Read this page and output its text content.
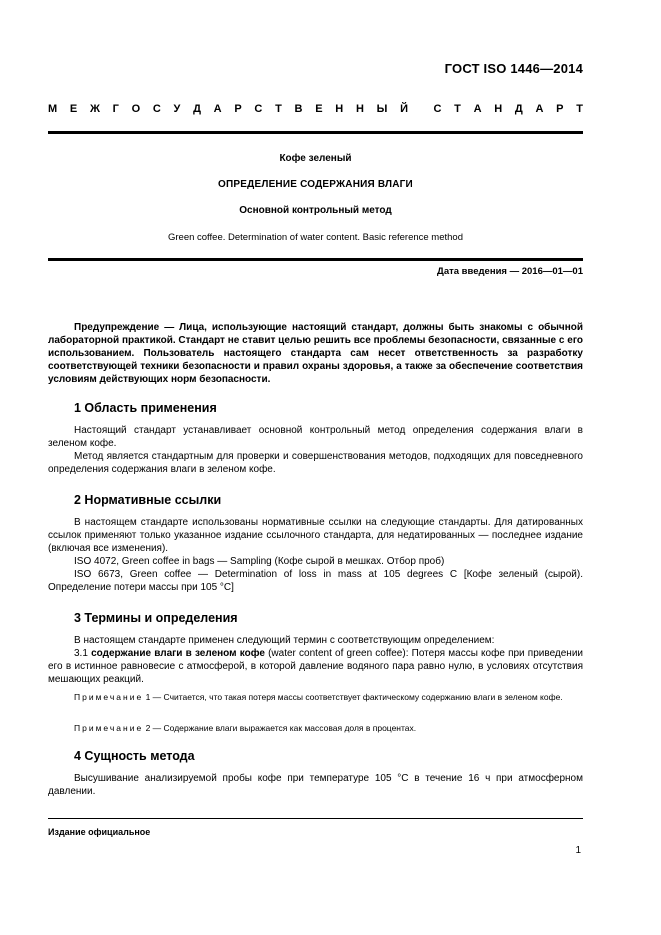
ГОСТ ISO 1446—2014
М Е Ж Г О С У Д А Р С Т В Е Н Н Ы Й С Т А Н Д А Р Т
Кофе зеленый
ОПРЕДЕЛЕНИЕ СОДЕРЖАНИЯ ВЛАГИ
Основной контрольный метод
Green coffee. Determination of water content. Basic reference method
Дата введения — 2016—01—01

Предупреждение — Лица, использующие настоящий стандарт, должны быть знакомы с обычной лабораторной практикой. Стандарт не ставит целью решить все проблемы безопасности, связанные с его использованием. Пользователь настоящего стандарта сам несет ответственность за разработку соответствующей техники безопасности и правил охраны здоровья, а также за обеспечение соответствия условиям действующих норм безопасности.

1 Область применения

Настоящий стандарт устанавливает основной контрольный метод определения содержания влаги в зеленом кофе.

Метод является стандартным для проверки и совершенствования методов, подходящих для повседневного определения содержания влаги в зеленом кофе.

2 Нормативные ссылки

В настоящем стандарте использованы нормативные ссылки на следующие стандарты. Для датированных ссылок применяют только указанное издание ссылочного стандарта, для недатированных — последнее издание (включая все изменения).

ISO 4072, Green coffee in bags — Sampling (Кофе сырой в мешках. Отбор проб)

ISO 6673, Green coffee — Determination of loss in mass at 105 degrees C [Кофе зеленый (сырой). Определение потери массы при 105 °C]

3 Термины и определения

В настоящем стандарте применен следующий термин с соответствующим определением:

3.1 содержание влаги в зеленом кофе (water content of green coffee): Потеря массы кофе при приведении его в истинное равновесие с атмосферой, в которой давление водяного пара равно нулю, в условиях отсутствия мешающих реакций.

Примечание 1 — Считается, что такая потеря массы соответствует фактическому содержанию влаги в зеленом кофе.

Примечание 2 — Содержание влаги выражается как массовая доля в процентах.

4 Сущность метода

Высушивание анализируемой пробы кофе при температуре 105 °C в течение 16 ч при атмосферном давлении.

Издание официальное
1
